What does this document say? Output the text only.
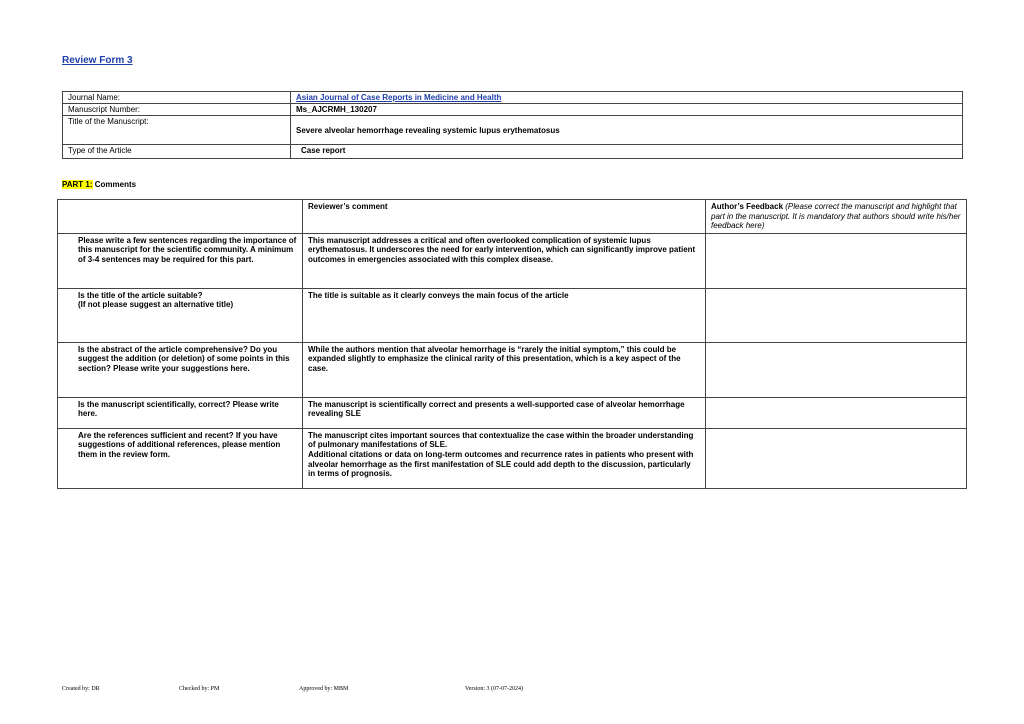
Review Form 3
Journal Name:	Asian Journal of Case Reports in Medicine and Health
Manuscript Number:	Ms_AJCRMH_130207
Title of the Manuscript:	Severe alveolar hemorrhage revealing systemic lupus erythematosus
Type of the Article	Case report
PART 1: Comments
	Reviewer’s comment	Author’s Feedback (Please correct the manuscript and highlight that part in the manuscript. It is mandatory that authors should write his/her feedback here)
Please write a few sentences regarding the importance of this manuscript for the scientific community. A minimum of 3-4 sentences may be required for this part.	This manuscript addresses a critical and often overlooked complication of systemic lupus erythematosus. It underscores the need for early intervention, which can significantly improve patient outcomes in emergencies associated with this complex disease.	
Is the title of the article suitable?
(If not please suggest an alternative title)	The title is suitable as it clearly conveys the main focus of the article	
Is the abstract of the article comprehensive? Do you suggest the addition (or deletion) of some points in this section? Please write your suggestions here.	While the authors mention that alveolar hemorrhage is “rarely the initial symptom,” this could be expanded slightly to emphasize the clinical rarity of this presentation, which is a key aspect of the case.	
Is the manuscript scientifically, correct? Please write here.	The manuscript is scientifically correct and presents a well-supported case of alveolar hemorrhage revealing SLE	
Are the references sufficient and recent? If you have suggestions of additional references, please mention them in the review form.	The manuscript cites important sources that contextualize the case within the broader understanding of pulmonary manifestations of SLE.
Additional citations or data on long-term outcomes and recurrence rates in patients who present with alveolar hemorrhage as the first manifestation of SLE could add depth to the discussion, particularly in terms of prognosis.	
Created by: DR	Checked by: PM	Approved by: MBM	Version: 3 (07-07-2024)
